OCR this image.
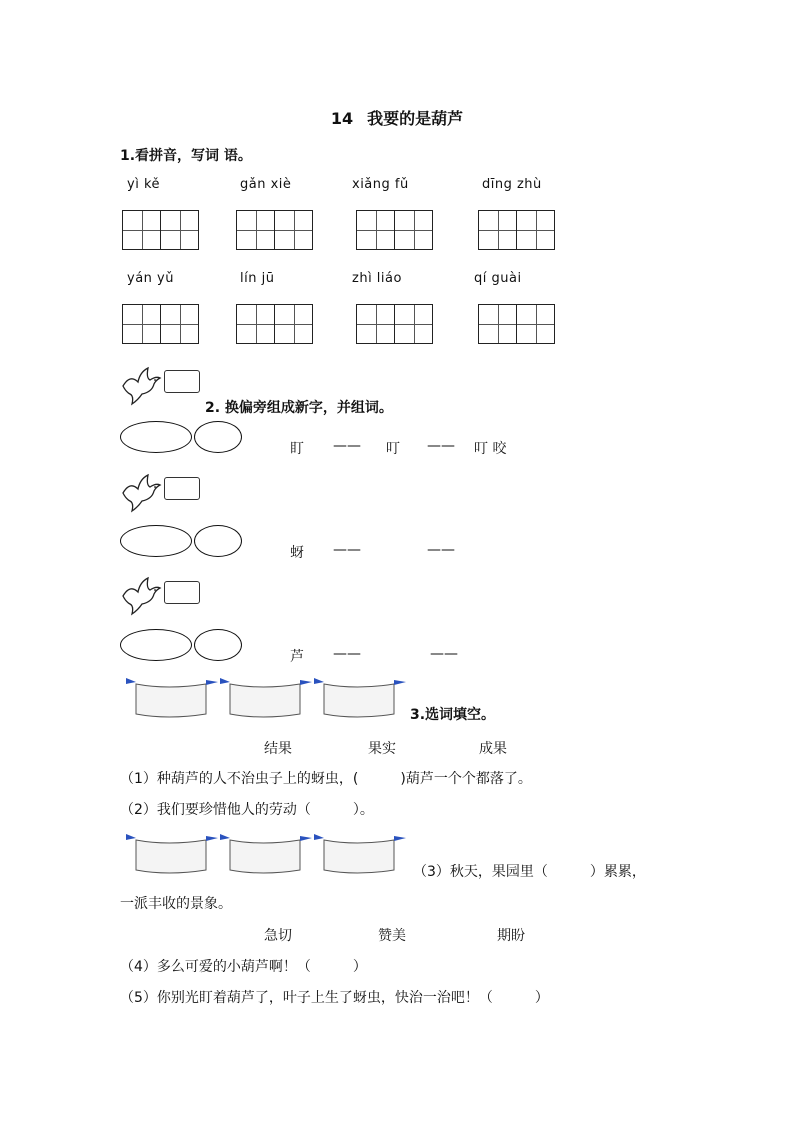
14 我要的是葫芦
1.看拼音，写词 语。
yì kě	gǎn xiè	xiǎng fǔ	dīng zhù
yán yǔ	lín jū	zhì liáo	qí guài
2. 换偏旁组成新字，并组词。
盯 —— 叮 —— 叮 咬
蚜 ——	——
芦 ——	——
3.选词填空。
结果	果实	成果
（1）种葫芦的人不治虫子上的蚜虫，(　　　)葫芦一个个都落了。
（2）我们要珍惜他人的劳动（　　　）。
（3）秋天，果园里（　　　）累累，
一派丰收的景象。
急切	赞美	期盼
（4）多么可爱的小葫芦啊！（　　　）
（5）你别光盯着葫芦了，叶子上生了蚜虫，快治一治吧！（　　　）
